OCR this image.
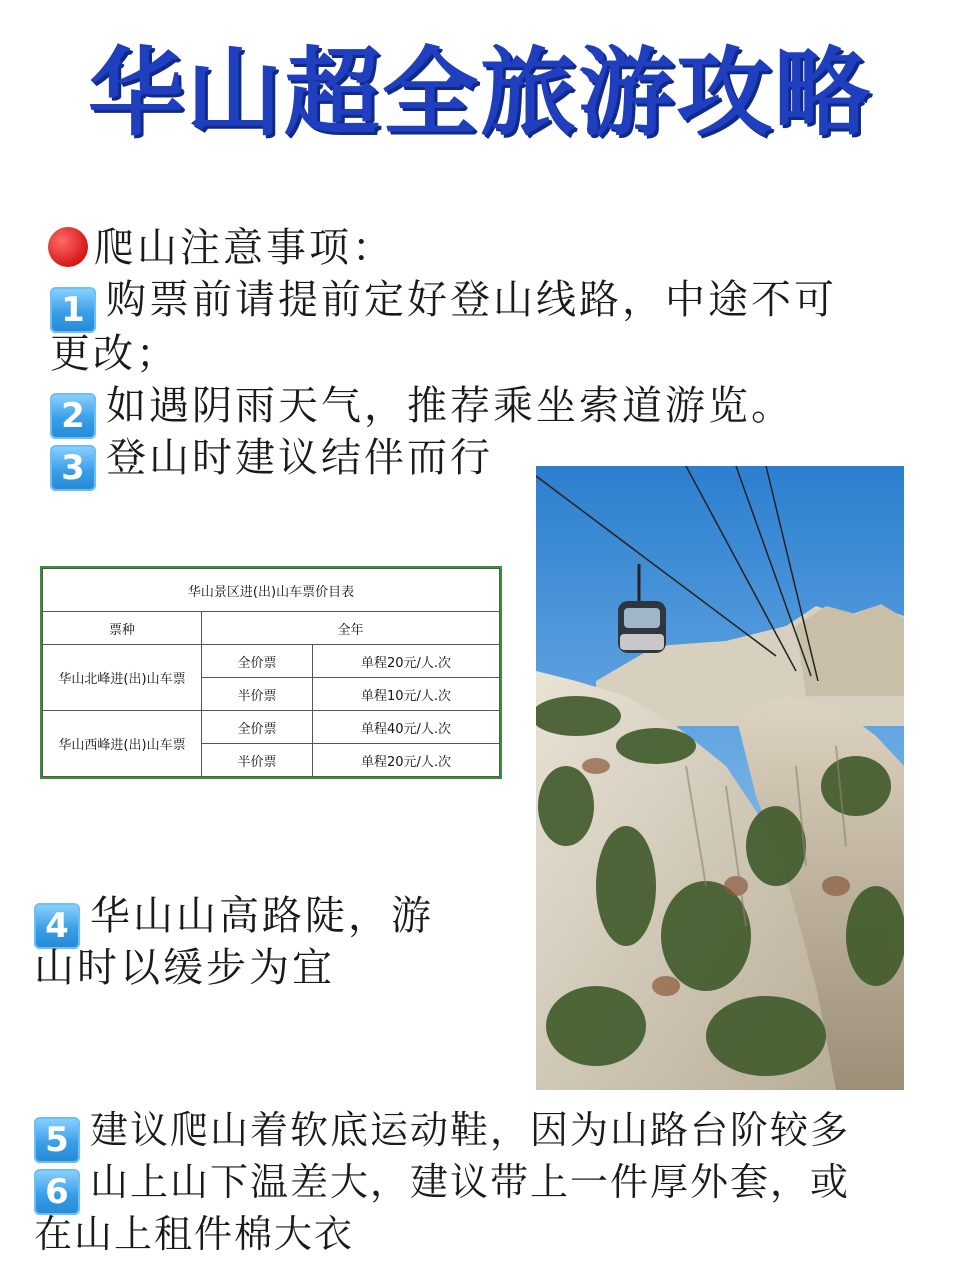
华山超全旅游攻略
爬山注意事项：
1 购票前请提前定好登山线路，中途不可
更改；
2 如遇阴雨天气，推荐乘坐索道游览。
3 登山时建议结伴而行
华山景区进(出)山车票价目表		
票种	全年	
华山北峰进(出)山车票	全价票	单程20元/人.次
	半价票	单程10元/人.次
华山西峰进(出)山车票	全价票	单程40元/人.次
	半价票	单程20元/人.次
4 华山山高路陡，游
山时以缓步为宜
5 建议爬山着软底运动鞋，因为山路台阶较多
6 山上山下温差大，建议带上一件厚外套，或
在山上租件棉大衣
